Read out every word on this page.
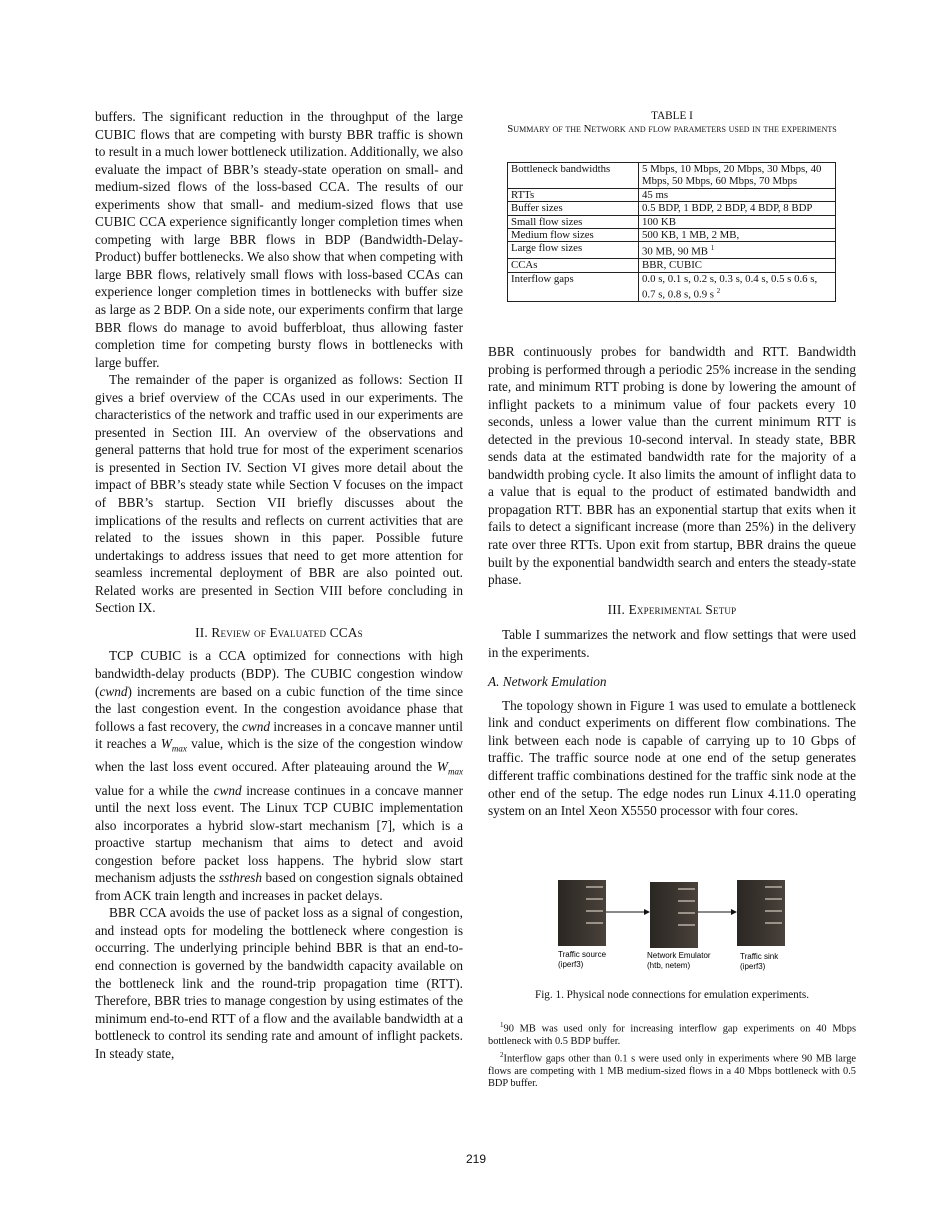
buffers. The significant reduction in the throughput of the large CUBIC flows that are competing with bursty BBR traffic is shown to result in a much lower bottleneck utilization. Additionally, we also evaluate the impact of BBR’s steady-state operation on small- and medium-sized flows of the loss-based CCA. The results of our experiments show that small- and medium-sized flows that use CUBIC CCA experience significantly longer completion times when competing with large BBR flows in BDP (Bandwidth-Delay-Product) buffer bottlenecks. We also show that when competing with large BBR flows, relatively small flows with loss-based CCAs can experience longer completion times in bottlenecks with buffer size as large as 2 BDP. On a side note, our experiments confirm that large BBR flows do manage to avoid bufferbloat, thus allowing faster completion time for competing bursty flows in bottlenecks with large buffer.

The remainder of the paper is organized as follows: Section II gives a brief overview of the CCAs used in our experiments. The characteristics of the network and traffic used in our experiments are presented in Section III. An overview of the observations and general patterns that hold true for most of the experiment scenarios is presented in Section IV. Section VI gives more detail about the impact of BBR’s steady state while Section V focuses on the impact of BBR’s startup. Section VII briefly discusses about the implications of the results and reflects on current activities that are related to the issues shown in this paper. Possible future undertakings to address issues that need to get more attention for seamless incremental deployment of BBR are also pointed out. Related works are presented in Section VIII before concluding in Section IX.

II. Review of Evaluated CCAs

TCP CUBIC is a CCA optimized for connections with high bandwidth-delay products (BDP). The CUBIC congestion window (cwnd) increments are based on a cubic function of the time since the last congestion event. In the congestion avoidance phase that follows a fast recovery, the cwnd increases in a concave manner until it reaches a $W_{max}$ value, which is the size of the congestion window when the last loss event occured. After plateauing around the $W_{max}$ value for a while the cwnd increase continues in a concave manner until the next loss event. The Linux TCP CUBIC implementation also incorporates a hybrid slow-start mechanism [7], which is a proactive startup mechanism that aims to detect and avoid congestion before packet loss happens. The hybrid slow start mechanism adjusts the ssthresh based on congestion signals obtained from ACK train length and increases in packet delays.

BBR CCA avoids the use of packet loss as a signal of congestion, and instead opts for modeling the bottleneck where congestion is occurring. The underlying principle behind BBR is that an end-to-end connection is governed by the bandwidth capacity available on the bottleneck link and the round-trip propagation time (RTT). Therefore, BBR tries to manage congestion by using estimates of the minimum end-to-end RTT of a flow and the available bandwidth at a bottleneck to control its sending rate and amount of inflight packets. In steady state,

TABLE I
Summary of the Network and flow parameters used in the experiments
Bottleneck bandwidths	5 Mbps, 10 Mbps, 20 Mbps, 30 Mbps, 40 Mbps, 50 Mbps, 60 Mbps, 70 Mbps
RTTs	45 ms
Buffer sizes	0.5 BDP, 1 BDP, 2 BDP, 4 BDP, 8 BDP
Small flow sizes	100 KB
Medium flow sizes	500 KB, 1 MB, 2 MB,
Large flow sizes	30 MB, 90 MB $^1$
CCAs	BBR, CUBIC
Interflow gaps	0.0 s, 0.1 s, 0.2 s, 0.3 s, 0.4 s, 0.5 s 0.6 s, 0.7 s, 0.8 s, 0.9 s $^2$

BBR continuously probes for bandwidth and RTT. Bandwidth probing is performed through a periodic 25% increase in the sending rate, and minimum RTT probing is done by lowering the amount of inflight packets to a minimum value of four packets every 10 seconds, unless a lower value than the current minimum RTT is detected in the previous 10-second interval. In steady state, BBR sends data at the estimated bandwidth rate for the majority of a bandwidth probing cycle. It also limits the amount of inflight data to a value that is equal to the product of estimated bandwidth and propagation RTT. BBR has an exponential startup that exits when it fails to detect a significant increase (more than 25%) in the delivery rate over three RTTs. Upon exit from startup, BBR drains the queue built by the exponential bandwidth search and enters the steady-state phase.

III. Experimental Setup

Table I summarizes the network and flow settings that were used in the experiments.

A. Network Emulation

The topology shown in Figure 1 was used to emulate a bottleneck link and conduct experiments on different flow combinations. The link between each node is capable of carrying up to 10 Gbps of traffic. The traffic source node at one end of the setup generates different traffic combinations destined for the traffic sink node at the other end of the setup. The edge nodes run Linux 4.11.0 operating system on an Intel Xeon X5550 processor with four cores.

Traffic source
(iperf3)
Network Emulator
(htb, netem)
Traffic sink
(iperf3)
Fig. 1. Physical node connections for emulation experiments.

$^1$90 MB was used only for increasing interflow gap experiments on 40 Mbps bottleneck with 0.5 BDP buffer.

$^2$Interflow gaps other than 0.1 s were used only in experiments where 90 MB large flows are competing with 1 MB medium-sized flows in a 40 Mbps bottleneck with 0.5 BDP buffer.

219
